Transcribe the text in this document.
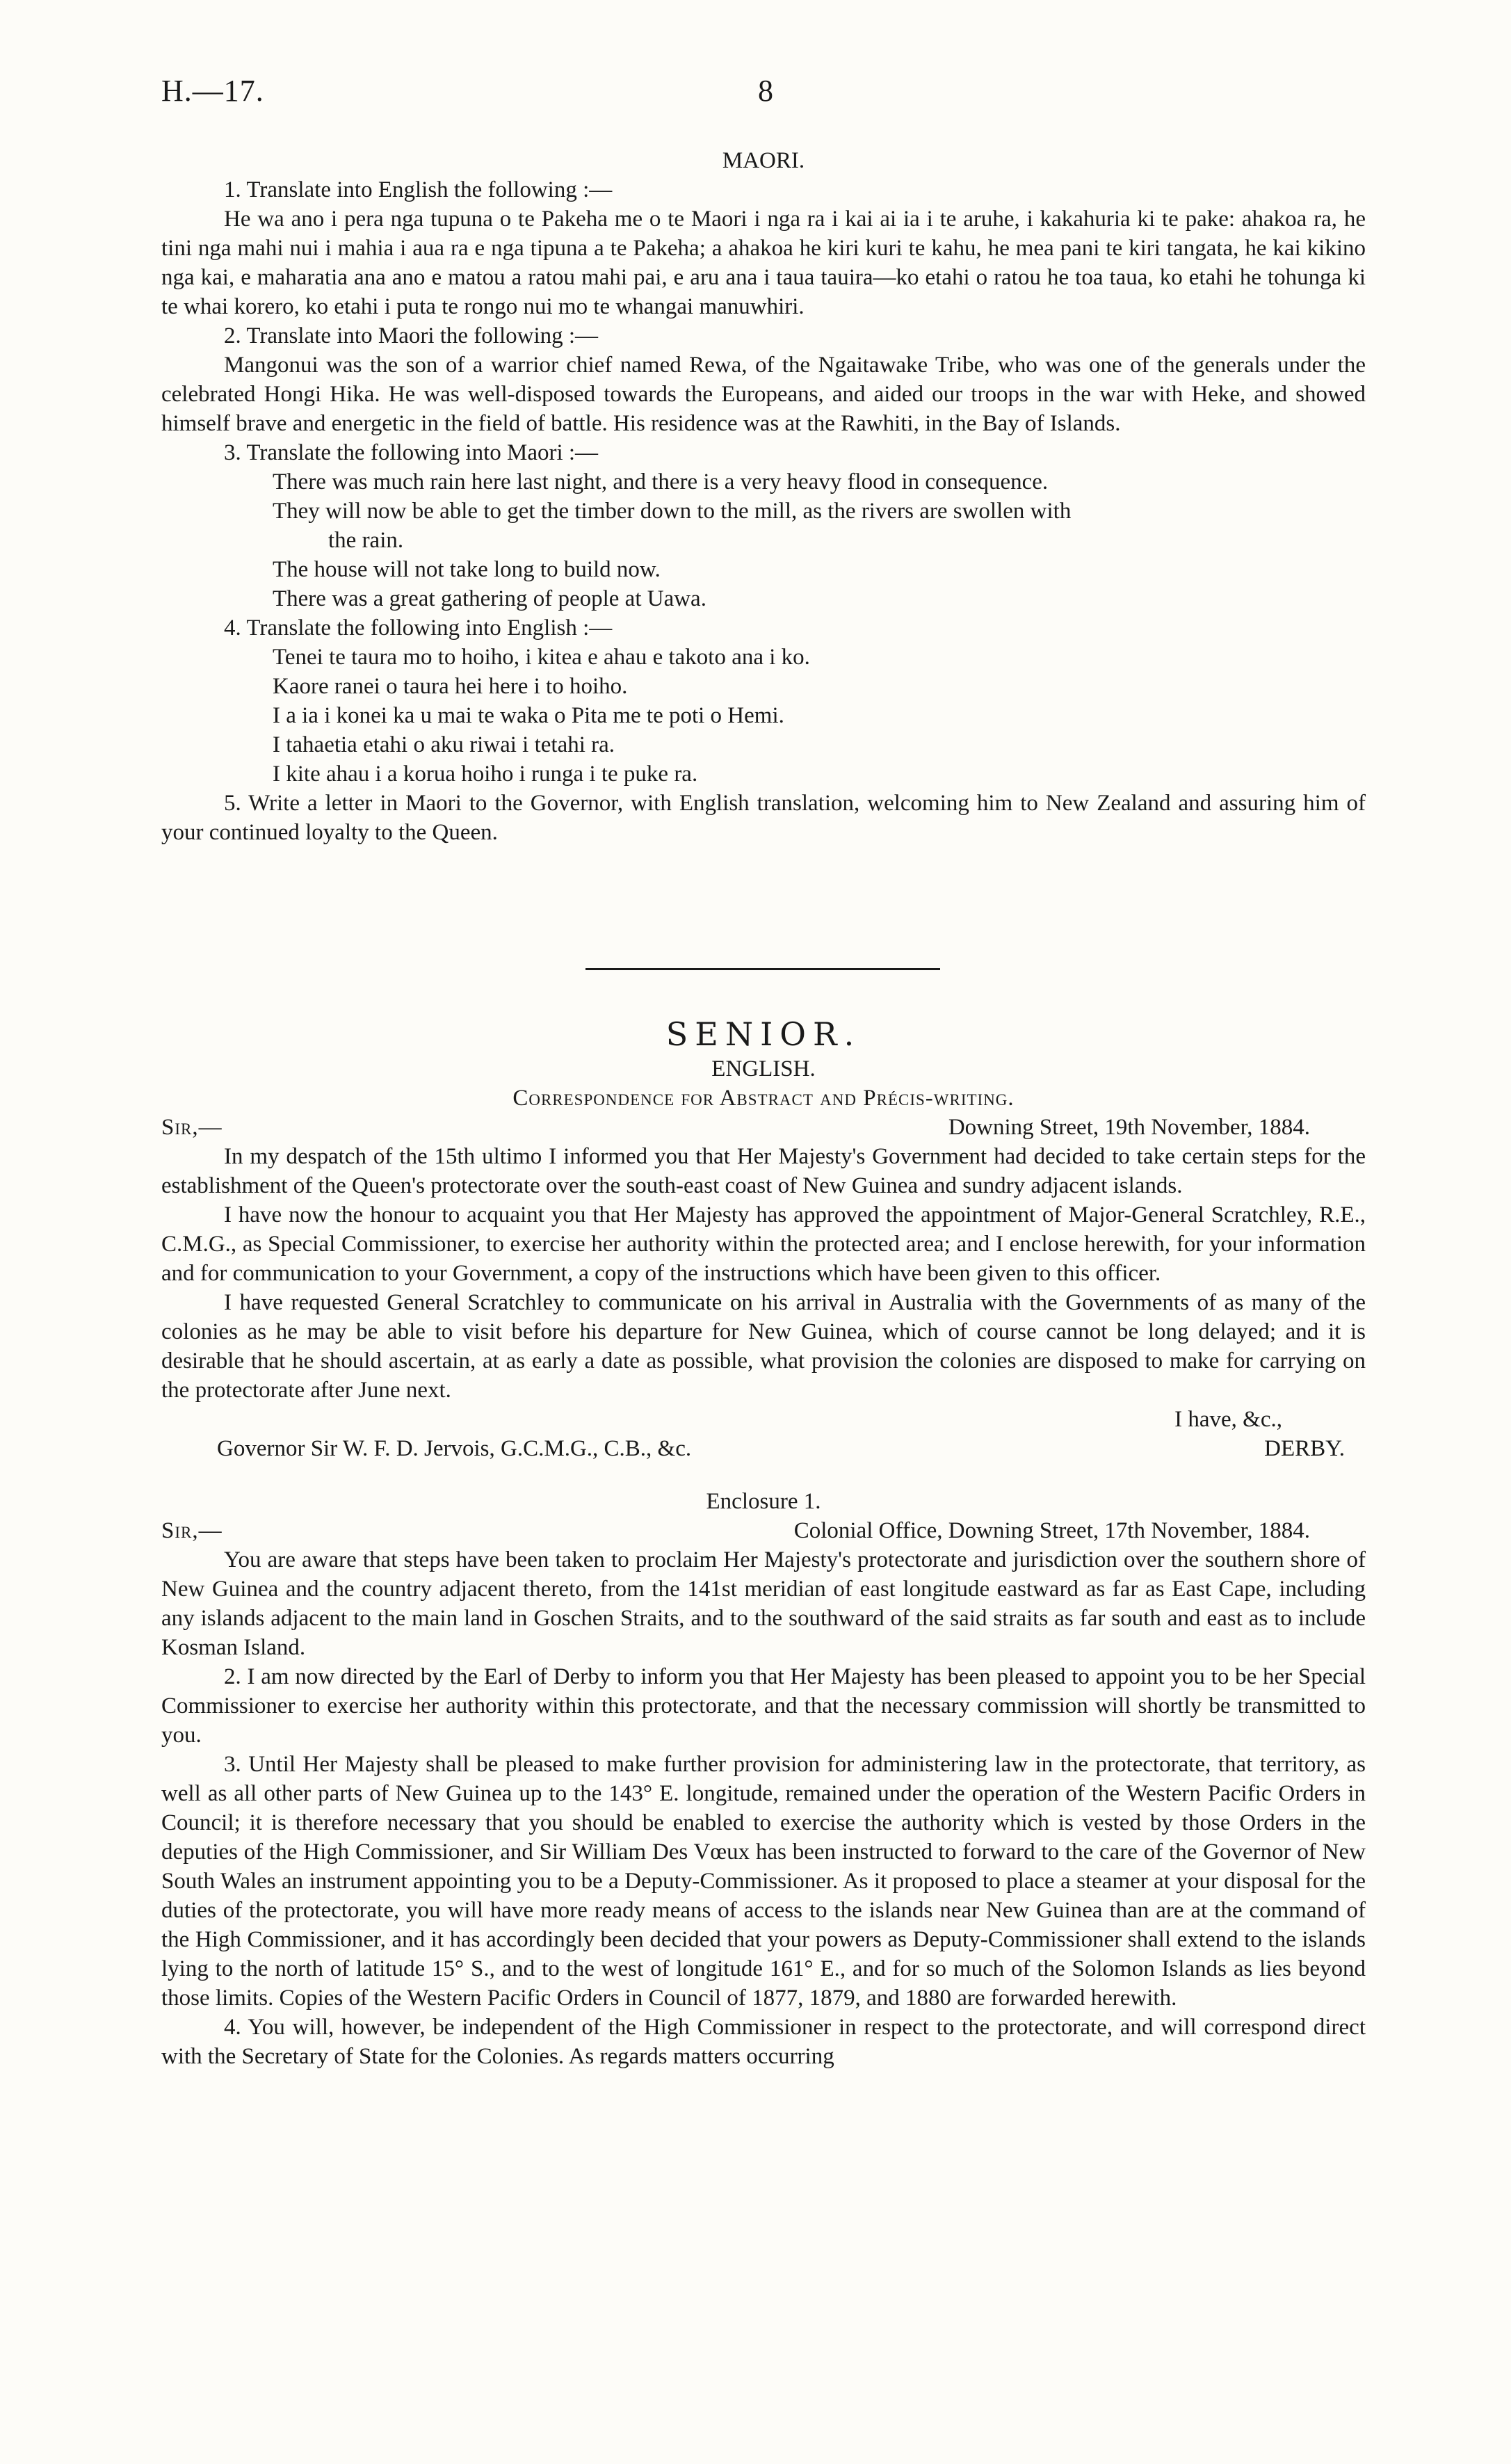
H.—17.	8

MAORI.

1. Translate into English the following :—

He wa ano i pera nga tupuna o te Pakeha me o te Maori i nga ra i kai ai ia i te aruhe, i kakahuria ki te pake: ahakoa ra, he tini nga mahi nui i mahia i aua ra e nga tipuna a te Pakeha; a ahakoa he kiri kuri te kahu, he mea pani te kiri tangata, he kai kikino nga kai, e maharatia ana ano e matou a ratou mahi pai, e aru ana i taua tauira—ko etahi o ratou he toa taua, ko etahi he tohunga ki te whai korero, ko etahi i puta te rongo nui mo te whangai manuwhiri.

2. Translate into Maori the following :—

Mangonui was the son of a warrior chief named Rewa, of the Ngaitawake Tribe, who was one of the generals under the celebrated Hongi Hika. He was well-disposed towards the Europeans, and aided our troops in the war with Heke, and showed himself brave and energetic in the field of battle. His residence was at the Rawhiti, in the Bay of Islands.

3. Translate the following into Maori :—

There was much rain here last night, and there is a very heavy flood in consequence.

They will now be able to get the timber down to the mill, as the rivers are swollen with

the rain.

The house will not take long to build now.

There was a great gathering of people at Uawa.

4. Translate the following into English :—

Tenei te taura mo to hoiho, i kitea e ahau e takoto ana i ko.

Kaore ranei o taura hei here i to hoiho.

I a ia i konei ka u mai te waka o Pita me te poti o Hemi.

I tahaetia etahi o aku riwai i tetahi ra.

I kite ahau i a korua hoiho i runga i te puke ra.

5. Write a letter in Maori to the Governor, with English translation, welcoming him to New Zealand and assuring him of your continued loyalty to the Queen.

SENIOR.

ENGLISH.

Correspondence for Abstract and Précis-writing.

Sir,—	Downing Street, 19th November, 1884.

In my despatch of the 15th ultimo I informed you that Her Majesty's Government had decided to take certain steps for the establishment of the Queen's protectorate over the south-east coast of New Guinea and sundry adjacent islands.

I have now the honour to acquaint you that Her Majesty has approved the appointment of Major-General Scratchley, R.E., C.M.G., as Special Commissioner, to exercise her authority within the protected area; and I enclose herewith, for your information and for communication to your Government, a copy of the instructions which have been given to this officer.

I have requested General Scratchley to communicate on his arrival in Australia with the Governments of as many of the colonies as he may be able to visit before his departure for New Guinea, which of course cannot be long delayed; and it is desirable that he should ascertain, at as early a date as possible, what provision the colonies are disposed to make for carrying on the protectorate after June next.

I have, &c.,

Governor Sir W. F. D. Jervois, G.C.M.G., C.B., &c.	DERBY.

Enclosure 1.

Sir,—	Colonial Office, Downing Street, 17th November, 1884.

You are aware that steps have been taken to proclaim Her Majesty's protectorate and jurisdiction over the southern shore of New Guinea and the country adjacent thereto, from the 141st meridian of east longitude eastward as far as East Cape, including any islands adjacent to the main land in Goschen Straits, and to the southward of the said straits as far south and east as to include Kosman Island.

2. I am now directed by the Earl of Derby to inform you that Her Majesty has been pleased to appoint you to be her Special Commissioner to exercise her authority within this protectorate, and that the necessary commission will shortly be transmitted to you.

3. Until Her Majesty shall be pleased to make further provision for administering law in the protectorate, that territory, as well as all other parts of New Guinea up to the 143° E. longitude, remained under the operation of the Western Pacific Orders in Council; it is therefore necessary that you should be enabled to exercise the authority which is vested by those Orders in the deputies of the High Commissioner, and Sir William Des Vœux has been instructed to forward to the care of the Governor of New South Wales an instrument appointing you to be a Deputy-Commissioner. As it proposed to place a steamer at your disposal for the duties of the protectorate, you will have more ready means of access to the islands near New Guinea than are at the command of the High Commissioner, and it has accordingly been decided that your powers as Deputy-Commissioner shall extend to the islands lying to the north of latitude 15° S., and to the west of longitude 161° E., and for so much of the Solomon Islands as lies beyond those limits. Copies of the Western Pacific Orders in Council of 1877, 1879, and 1880 are forwarded herewith.

4. You will, however, be independent of the High Commissioner in respect to the protectorate, and will correspond direct with the Secretary of State for the Colonies. As regards matters occurring
